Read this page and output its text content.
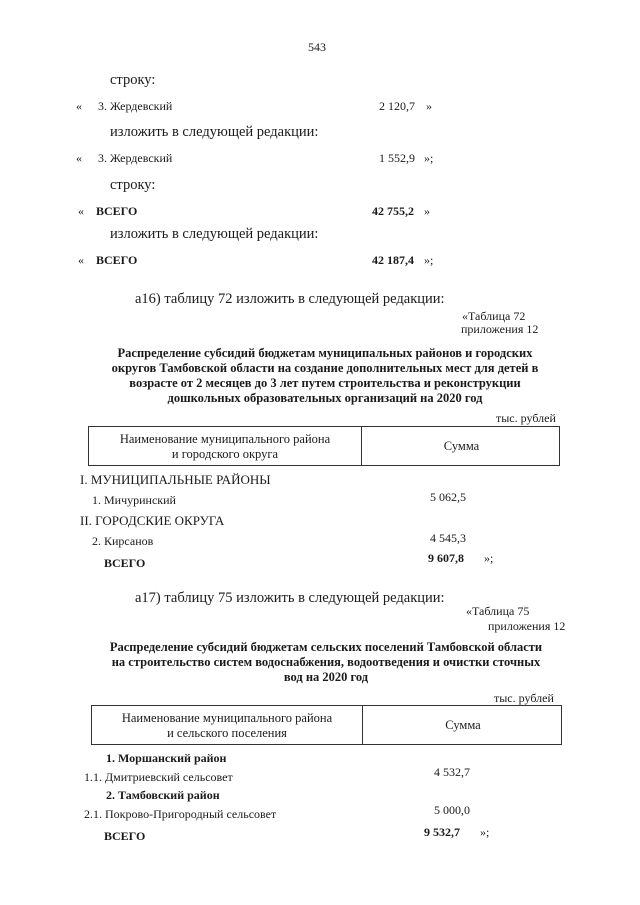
543
строку:
« 3. Жердевский	2 120,7 »
изложить в следующей редакции:
« 3. Жердевский	1 552,9 »;
строку:
« ВСЕГО	42 755,2 »
изложить в следующей редакции:
« ВСЕГО	42 187,4 »;
а16) таблицу 72 изложить в следующей редакции:
«Таблица 72
приложения 12
Распределение субсидий бюджетам муниципальных районов и городских
округов Тамбовской области на создание дополнительных мест для детей в
возрасте от 2 месяцев до 3 лет путем строительства и реконструкции
дошкольных образовательных организаций на 2020 год
тыс. рублей
Наименование муниципального района
и городского округа
Сумма
I. МУНИЦИПАЛЬНЫЕ РАЙОНЫ
1. Мичуринский	5 062,5
II. ГОРОДСКИЕ ОКРУГА
2. Кирсанов	4 545,3
ВСЕГО	9 607,8 »;
а17) таблицу 75 изложить в следующей редакции:
«Таблица 75
приложения 12
Распределение субсидий бюджетам сельских поселений Тамбовской области
на строительство систем водоснабжения, водоотведения и очистки сточных
вод на 2020 год
тыс. рублей
Наименование муниципального района
и сельского поселения
Сумма
1. Моршанский район
1.1. Дмитриевский сельсовет	4 532,7
2. Тамбовский район
2.1. Покрово-Пригородный сельсовет	5 000,0
ВСЕГО	9 532,7 »;
